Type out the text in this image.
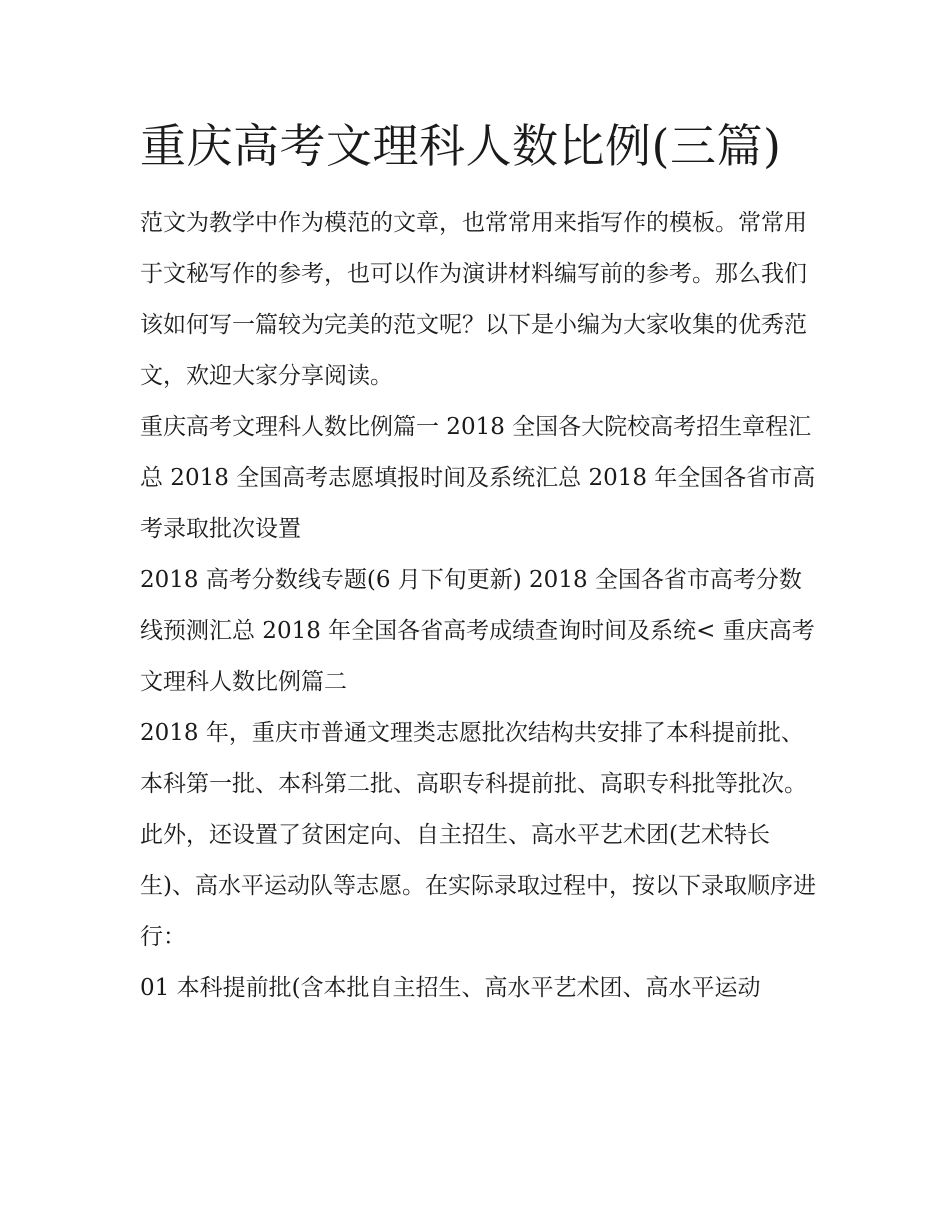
重庆高考文理科人数比例(三篇)

范文为教学中作为模范的文章，也常常用来指写作的模板。常常用于文秘写作的参考，也可以作为演讲材料编写前的参考。那么我们该如何写一篇较为完美的范文呢？以下是小编为大家收集的优秀范文，欢迎大家分享阅读。

重庆高考文理科人数比例篇一 2018 全国各大院校高考招生章程汇总 2018 全国高考志愿填报时间及系统汇总 2018 年全国各省市高考录取批次设置

2018 高考分数线专题(6 月下旬更新) 2018 全国各省市高考分数线预测汇总 2018 年全国各省高考成绩查询时间及系统< 重庆高考文理科人数比例篇二

2018 年，重庆市普通文理类志愿批次结构共安排了本科提前批、本科第一批、本科第二批、高职专科提前批、高职专科批等批次。此外，还设置了贫困定向、自主招生、高水平艺术团(艺术特长生)、高水平运动队等志愿。在实际录取过程中，按以下录取顺序进行：

01 本科提前批(含本批自主招生、高水平艺术团、高水平运动
